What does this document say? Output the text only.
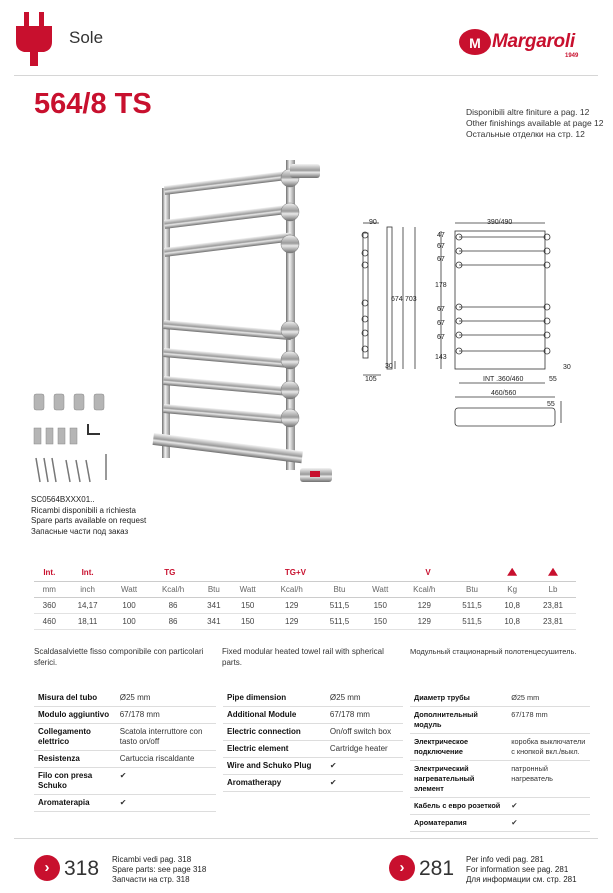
Sole	M Margaroli
1949
564/8 TS	Disponibili altre finiture a pag. 12
Other finishings available at page 12
Остальные отделки на стр. 12
90
674 703
30
105
390/490
47
67
67
178
67
67
67
143
INT .360/460
30
55
460/560
55
SC0564BXXX01..
Ricambi disponibili a richiesta
Spare parts available on request
Запасные части под заказ
Int.	Int.	TG			TG+V			V				
mm	inch	Watt	Kcal/h	Btu	Watt	Kcal/h	Btu	Watt	Kcal/h	Btu	Kg	Lb
360	14,17	100	86	341	150	129	511,5	150	129	511,5	10,8	23,81
460	18,11	100	86	341	150	129	511,5	150	129	511,5	10,8	23,81
Scaldasalviette fisso componibile con particolari sferici.
Fixed modular heated towel rail with spherical parts.
Модульный стационарный полотенцесушитель.
Misura del tubo	Ø25 mm
Modulo aggiuntivo	67/178 mm
Collegamento elettrico	Scatola interruttore con tasto on/off
Resistenza	Cartuccia riscaldante
Filo con presa Schuko	✔
Aromaterapia	✔
Pipe dimension	Ø25 mm
Additional Module	67/178 mm
Electric connection	On/off switch box
Electric element	Cartridge heater
Wire and Schuko Plug	✔
Aromatherapy	✔
Диаметр трубы	Ø25 mm
Дополнительный модуль	67/178 mm
Электрическое подключение	коробка выключатели с кнопкой вкл./выкл.
Электрический нагревательный элемент	патронный нагреватель
Кабель с евро розеткой	✔
Ароматерапия	✔
› 318 Ricambi vedi pag. 318
Spare parts: see page 318
Запчасти на стр. 318
› 281 Per info vedi pag. 281
For information see pag. 281
Для информации см. стр. 281
